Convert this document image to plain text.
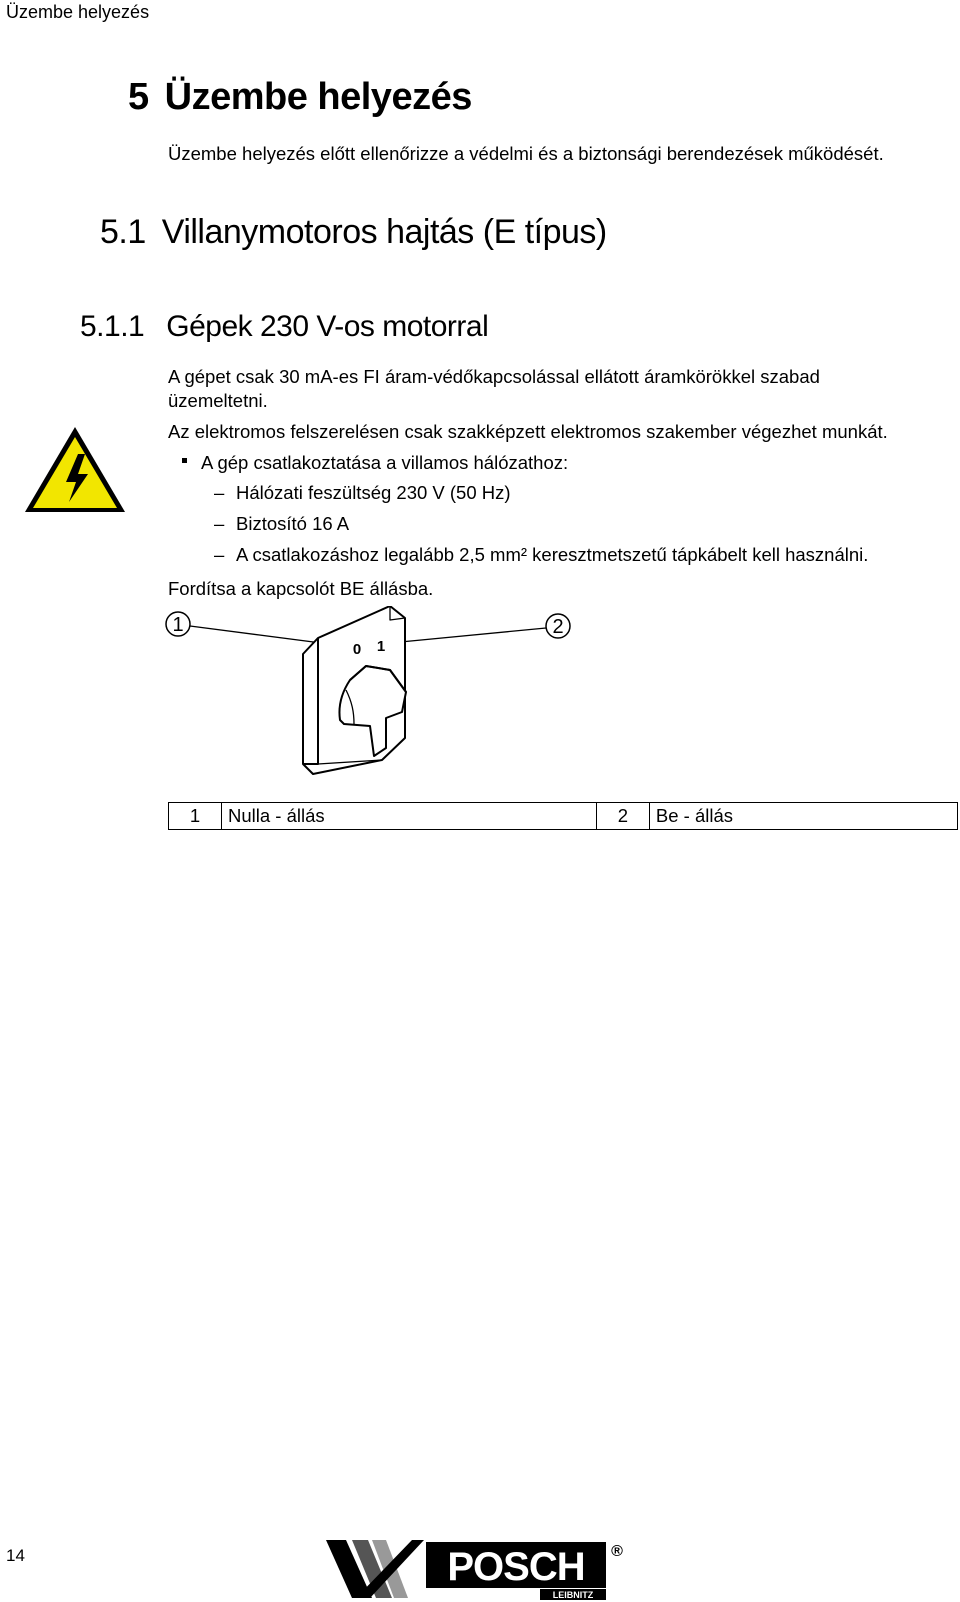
Üzembe helyezés
5 Üzembe helyezés
Üzembe helyezés előtt ellenőrizze a védelmi és a biztonsági berendezések működését.
5.1 Villanymotoros hajtás (E típus)
5.1.1 Gépek 230 V-os motorral
A gépet csak 30 mA-es FI áram-védőkapcsolással ellátott áramkörökkel szabad üzemeltetni.
Az elektromos felszerelésen csak szakképzett elektromos szakember végezhet munkát.
A gép csatlakoztatása a villamos hálózathoz:
– Hálózati feszültség 230 V (50 Hz)
– Biztosító 16 A
– A csatlakozáshoz legalább 2,5 mm² keresztmetszetű tápkábelt kell használni.
Fordítsa a kapcsolót BE állásba.
1	2
0 1
1	Nulla - állás	2	Be - állás
14	POSCH
LEIBNITZ
®
